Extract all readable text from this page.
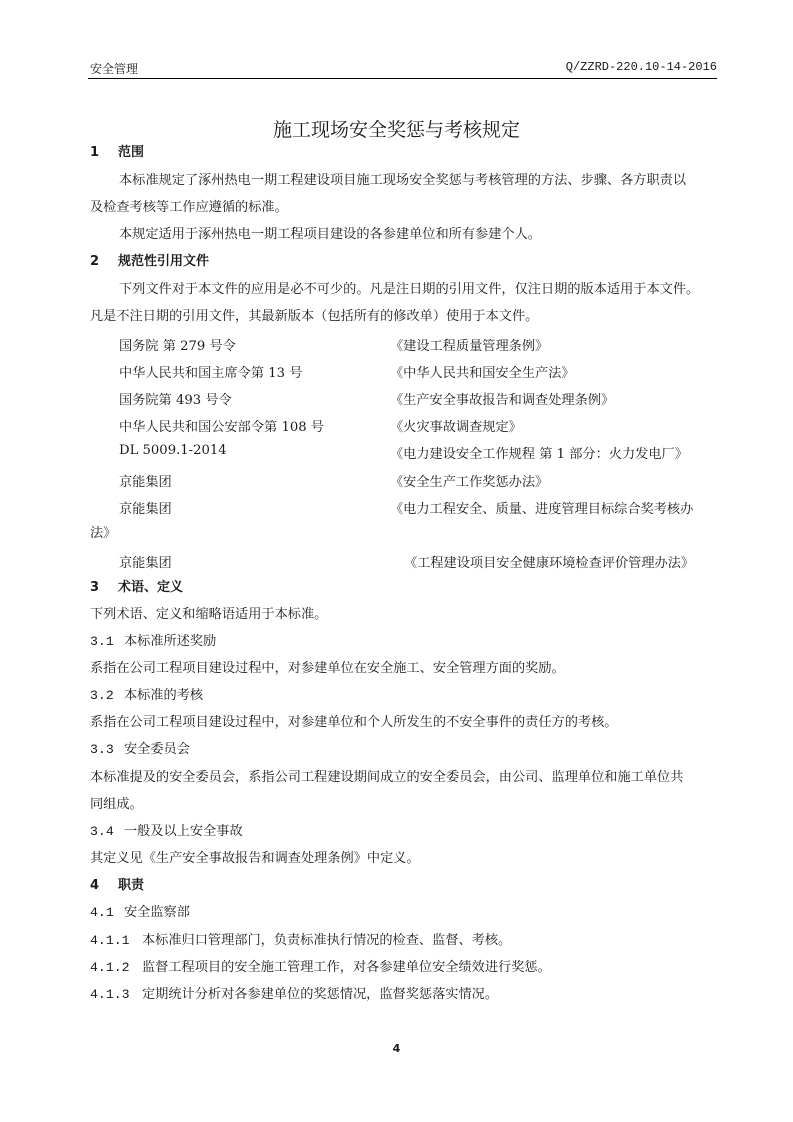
安全管理	Q/ZZRD-220.10-14-2016
施工现场安全奖惩与考核规定
1 范围
本标准规定了涿州热电一期工程建设项目施工现场安全奖惩与考核管理的方法、步骤、各方职责以
及检查考核等工作应遵循的标准。
本规定适用于涿州热电一期工程项目建设的各参建单位和所有参建个人。
2 规范性引用文件
下列文件对于本文件的应用是必不可少的。凡是注日期的引用文件，仅注日期的版本适用于本文件。
凡是不注日期的引用文件，其最新版本（包括所有的修改单）使用于本文件。
国务院 第 279 号令	《建设工程质量管理条例》
中华人民共和国主席令第 13 号	《中华人民共和国安全生产法》
国务院第 493 号令	《生产安全事故报告和调查处理条例》
中华人民共和国公安部令第 108 号	《火灾事故调查规定》
DL 5009.1-2014	《电力建设安全工作规程 第 1 部分：火力发电厂》
京能集团	《安全生产工作奖惩办法》
京能集团	《电力工程安全、质量、进度管理目标综合奖考核办
法》
京能集团	《工程建设项目安全健康环境检查评价管理办法》
3 术语、定义
下列术语、定义和缩略语适用于本标准。
3.1 本标准所述奖励
系指在公司工程项目建设过程中，对参建单位在安全施工、安全管理方面的奖励。
3.2 本标准的考核
系指在公司工程项目建设过程中，对参建单位和个人所发生的不安全事件的责任方的考核。
3.3 安全委员会
本标准提及的安全委员会，系指公司工程建设期间成立的安全委员会，由公司、监理单位和施工单位共
同组成。
3.4 一般及以上安全事故
其定义见《生产安全事故报告和调查处理条例》中定义。
4 职责
4.1 安全监察部
4.1.1 本标准归口管理部门，负责标准执行情况的检查、监督、考核。
4.1.2 监督工程项目的安全施工管理工作，对各参建单位安全绩效进行奖惩。
4.1.3 定期统计分析对各参建单位的奖惩情况，监督奖惩落实情况。
4
